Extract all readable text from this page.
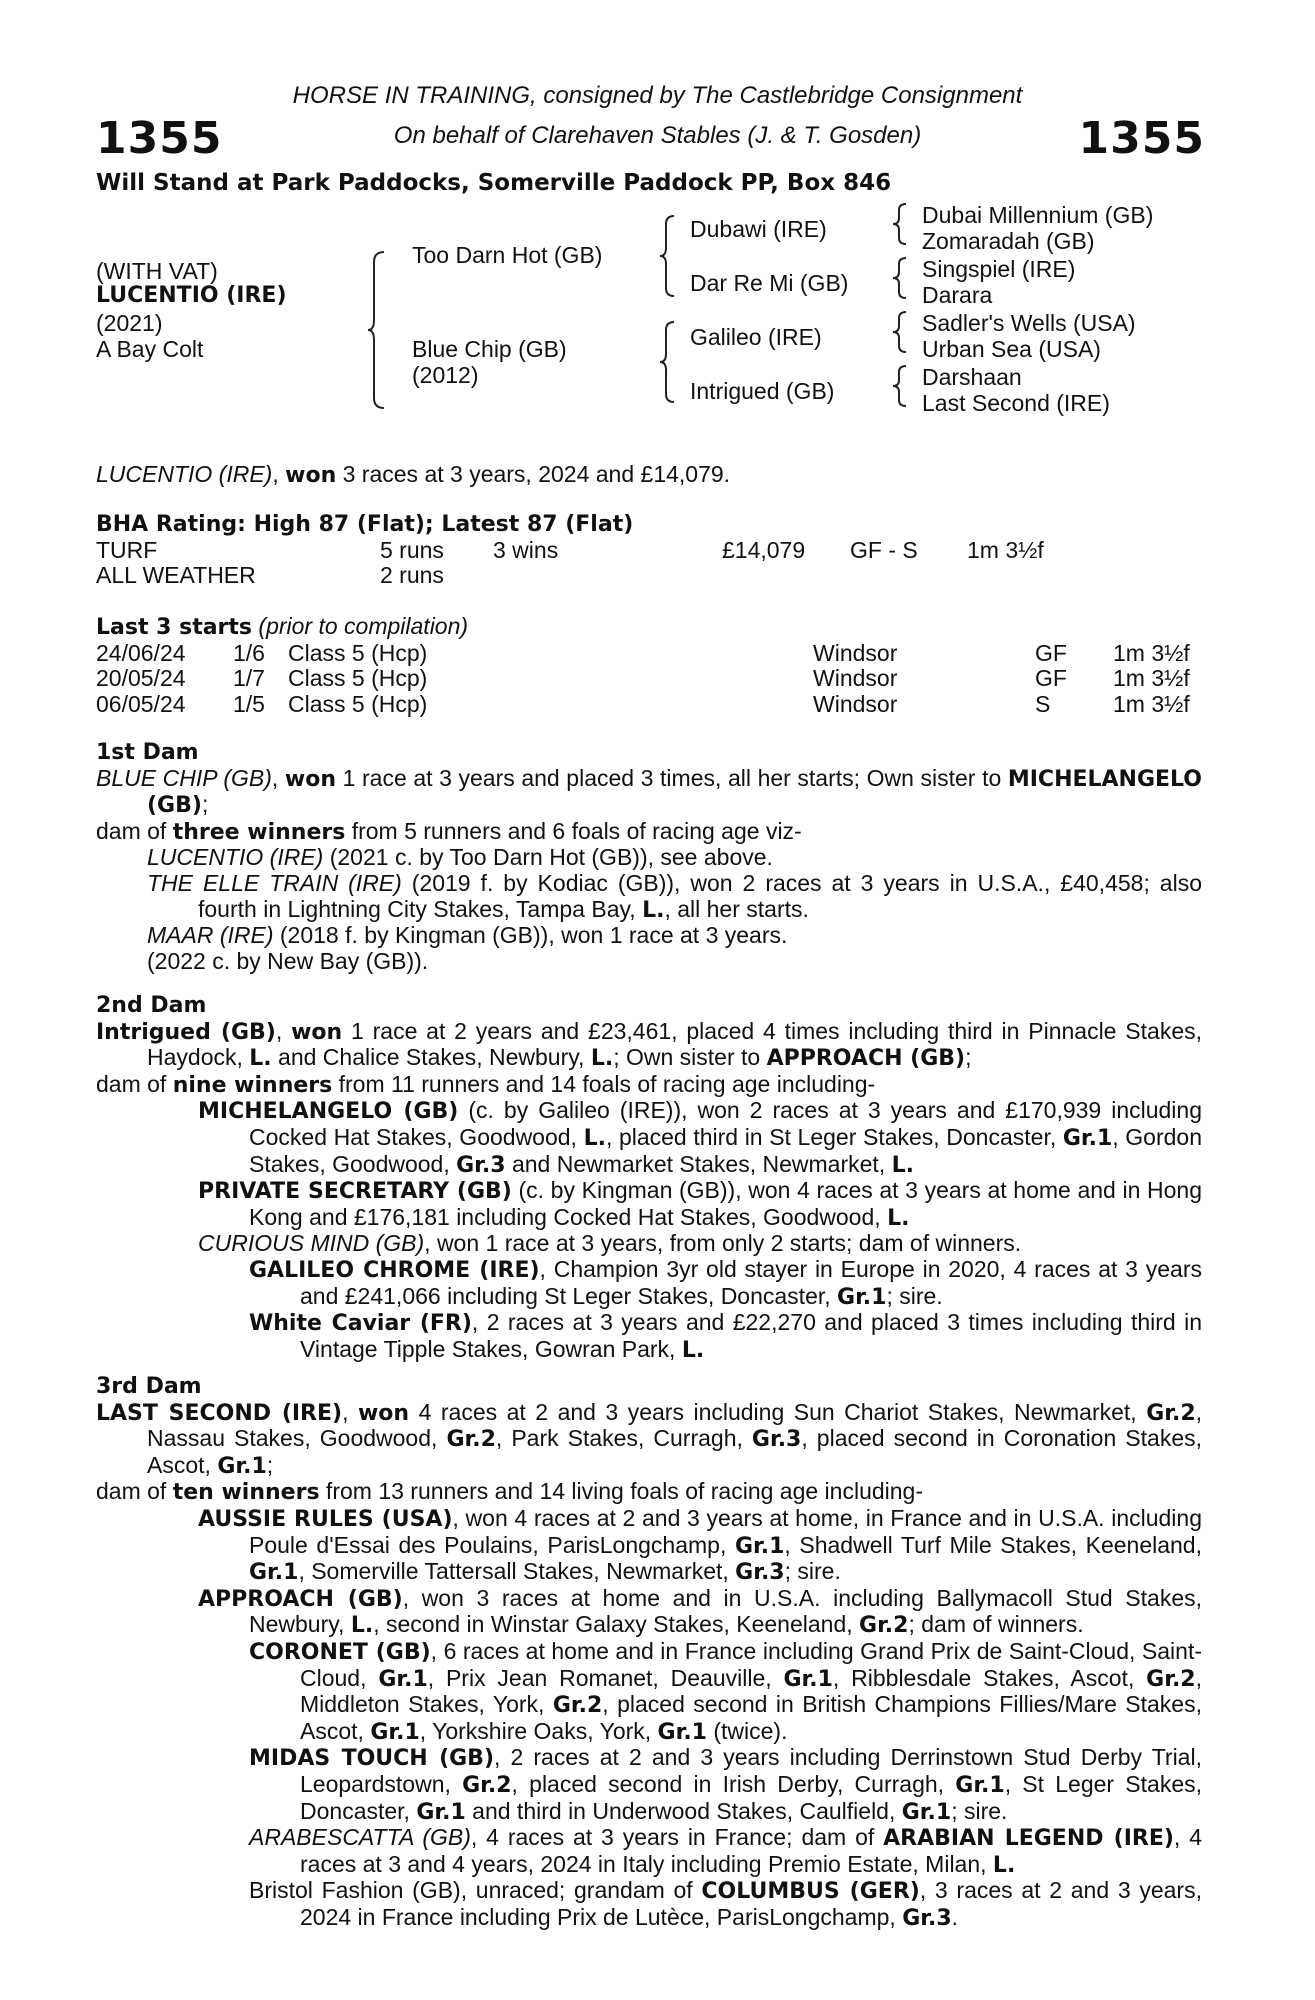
HORSE IN TRAINING, consigned by The Castlebridge Consignment
1355	On behalf of Clarehaven Stables (J. & T. Gosden)	1355
Will Stand at Park Paddocks, Somerville Paddock PP, Box 846
(WITH VAT)
LUCENTIO (IRE)
(2021)
A Bay Colt
Too Darn Hot (GB)
Blue Chip (GB)
(2012)
Dubawi (IRE)
Dar Re Mi (GB)
Galileo (IRE)
Intrigued (GB)
Dubai Millennium (GB)
Zomaradah (GB)
Singspiel (IRE)
Darara
Sadler's Wells (USA)
Urban Sea (USA)
Darshaan
Last Second (IRE)
LUCENTIO (IRE), won 3 races at 3 years, 2024 and £14,079.
BHA Rating: High 87 (Flat); Latest 87 (Flat)
TURF	5 runs	3 wins	£14,079	GF - S	1m 3½f
ALL WEATHER	2 runs				
Last 3 starts (prior to compilation)
24/06/24	1/6	Class 5 (Hcp)	Windsor	GF	1m 3½f
20/05/24	1/7	Class 5 (Hcp)	Windsor	GF	1m 3½f
06/05/24	1/5	Class 5 (Hcp)	Windsor	S	1m 3½f
1st Dam

BLUE CHIP (GB), won 1 race at 3 years and placed 3 times, all her starts; Own sister to MICHELANGELO (GB);

dam of three winners from 5 runners and 6 foals of racing age viz-

LUCENTIO (IRE) (2021 c. by Too Darn Hot (GB)), see above.

THE ELLE TRAIN (IRE) (2019 f. by Kodiac (GB)), won 2 races at 3 years in U.S.A., £40,458; also fourth in Lightning City Stakes, Tampa Bay, L., all her starts.

MAAR (IRE) (2018 f. by Kingman (GB)), won 1 race at 3 years.

(2022 c. by New Bay (GB)).

2nd Dam

Intrigued (GB), won 1 race at 2 years and £23,461, placed 4 times including third in Pinnacle Stakes, Haydock, L. and Chalice Stakes, Newbury, L.; Own sister to APPROACH (GB);

dam of nine winners from 11 runners and 14 foals of racing age including-

MICHELANGELO (GB) (c. by Galileo (IRE)), won 2 races at 3 years and £170,939 including Cocked Hat Stakes, Goodwood, L., placed third in St Leger Stakes, Doncaster, Gr.1, Gordon Stakes, Goodwood, Gr.3 and Newmarket Stakes, Newmarket, L.

PRIVATE SECRETARY (GB) (c. by Kingman (GB)), won 4 races at 3 years at home and in Hong Kong and £176,181 including Cocked Hat Stakes, Goodwood, L.

CURIOUS MIND (GB), won 1 race at 3 years, from only 2 starts; dam of winners.

GALILEO CHROME (IRE), Champion 3yr old stayer in Europe in 2020, 4 races at 3 years and £241,066 including St Leger Stakes, Doncaster, Gr.1; sire.

White Caviar (FR), 2 races at 3 years and £22,270 and placed 3 times including third in Vintage Tipple Stakes, Gowran Park, L.

3rd Dam

LAST SECOND (IRE), won 4 races at 2 and 3 years including Sun Chariot Stakes, Newmarket, Gr.2, Nassau Stakes, Goodwood, Gr.2, Park Stakes, Curragh, Gr.3, placed second in Coronation Stakes, Ascot, Gr.1;

dam of ten winners from 13 runners and 14 living foals of racing age including-

AUSSIE RULES (USA), won 4 races at 2 and 3 years at home, in France and in U.S.A. including Poule d'Essai des Poulains, ParisLongchamp, Gr.1, Shadwell Turf Mile Stakes, Keeneland, Gr.1, Somerville Tattersall Stakes, Newmarket, Gr.3; sire.

APPROACH (GB), won 3 races at home and in U.S.A. including Ballymacoll Stud Stakes, Newbury, L., second in Winstar Galaxy Stakes, Keeneland, Gr.2; dam of winners.

CORONET (GB), 6 races at home and in France including Grand Prix de Saint-Cloud, Saint-Cloud, Gr.1, Prix Jean Romanet, Deauville, Gr.1, Ribblesdale Stakes, Ascot, Gr.2, Middleton Stakes, York, Gr.2, placed second in British Champions Fillies/Mare Stakes, Ascot, Gr.1, Yorkshire Oaks, York, Gr.1 (twice).

MIDAS TOUCH (GB), 2 races at 2 and 3 years including Derrinstown Stud Derby Trial, Leopardstown, Gr.2, placed second in Irish Derby, Curragh, Gr.1, St Leger Stakes, Doncaster, Gr.1 and third in Underwood Stakes, Caulfield, Gr.1; sire.

ARABESCATTA (GB), 4 races at 3 years in France; dam of ARABIAN LEGEND (IRE), 4 races at 3 and 4 years, 2024 in Italy including Premio Estate, Milan, L.

Bristol Fashion (GB), unraced; grandam of COLUMBUS (GER), 3 races at 2 and 3 years, 2024 in France including Prix de Lutèce, ParisLongchamp, Gr.3.
